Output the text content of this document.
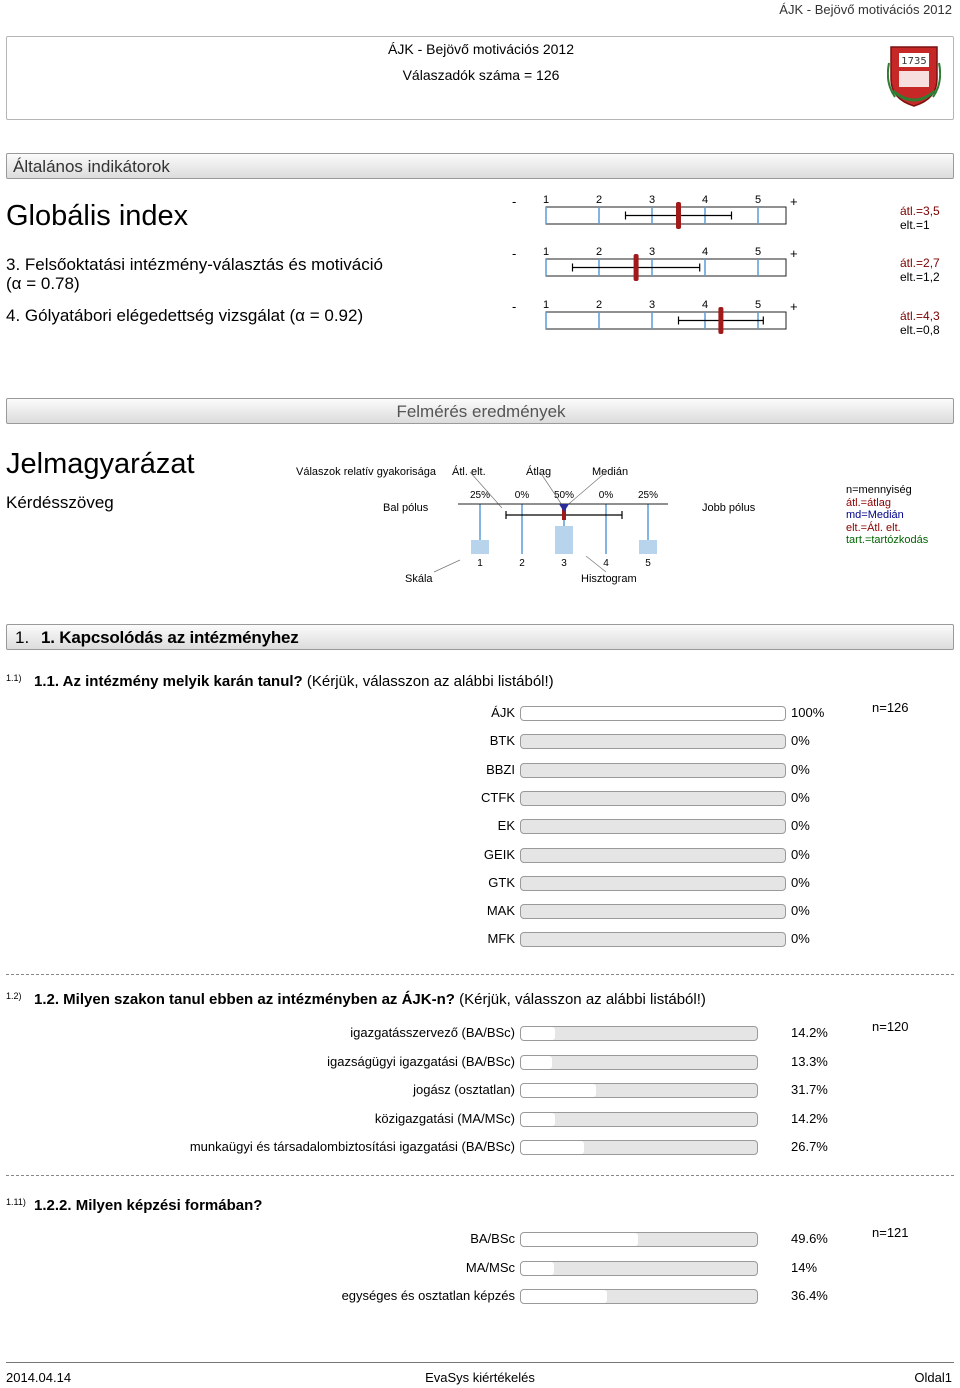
ÁJK - Bejövő motivációs 2012
ÁJK - Bejövő motivációs 2012
Válaszadók száma = 126
1735
Általános indikátorok
Globális index
3. Felsőoktatási intézmény-választás és motiváció
(α = 0.78)
4. Gólyatábori elégedettség vizsgálat (α = 0.92)
-	+
1	2	3	4	5
-	+
1	2	3	4	5
-	+
1	2	3	4	5
átl.=3,5
elt.=1
átl.=2,7
elt.=1,2
átl.=4,3
elt.=0,8
Felmérés eredmények
Jelmagyarázat
Kérdésszöveg
Válaszok relatív gyakorisága Átl. elt.	Átlag	Medián
Bal pólus	Jobb pólus
Skála	Hisztogram
25% 0% 50% 0% 25%
1	2	3	4	5
n=mennyiség
átl.=átlag
md=Medián
elt.=Átl. elt.
tart.=tartózkodás
1. 1. Kapcsolódás az intézményhez
1.1) 1.1. Az intézmény melyik karán tanul? (Kérjük, válasszon az alábbi listából!)
n=126
ÁJK	100%
BTK	0%
BBZI	0%
CTFK	0%
EK	0%
GEIK	0%
GTK	0%
MAK	0%
MFK	0%
1.2) 1.2. Milyen szakon tanul ebben az intézményben az ÁJK-n? (Kérjük, válasszon az alábbi listából!)
n=120
igazgatásszervező (BA/BSc)	14.2%
igazságügyi igazgatási (BA/BSc)	13.3%
jogász (osztatlan)	31.7%
közigazgatási (MA/MSc)	14.2%
munkaügyi és társadalombiztosítási igazgatási (BA/BSc)	26.7%
1.11) 1.2.2. Milyen képzési formában?
n=121
BA/BSc	49.6%
MA/MSc	14%
egységes és osztatlan képzés	36.4%
2014.04.14	EvaSys kiértékelés	Oldal1
